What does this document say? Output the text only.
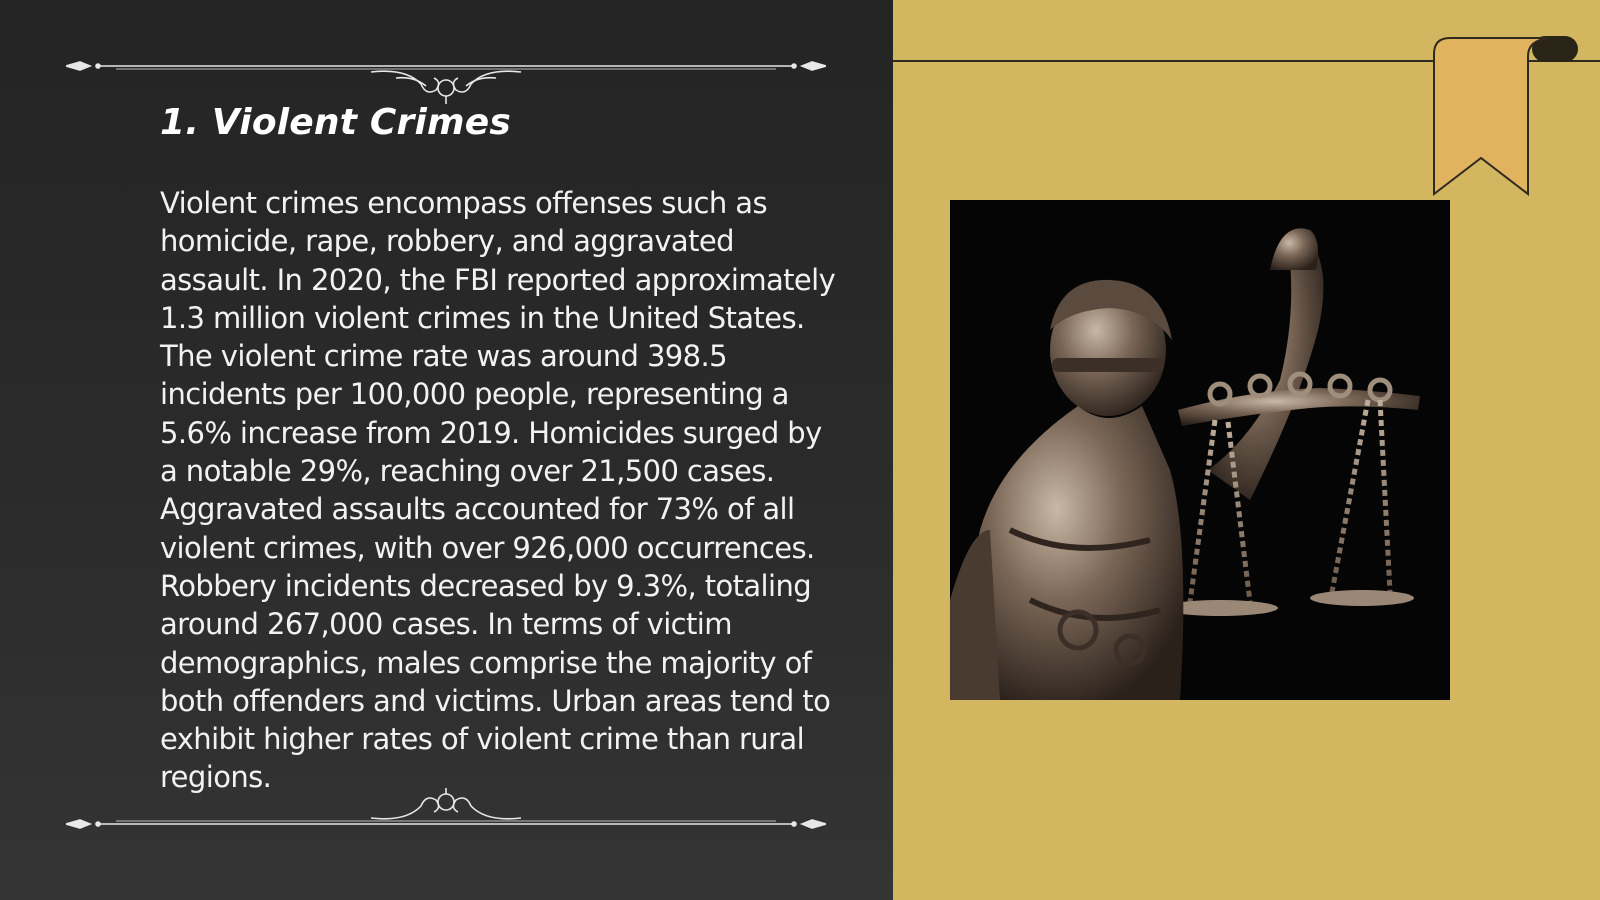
1. Violent Crimes

Violent crimes encompass offenses such as homicide, rape, robbery, and aggravated assault. In 2020, the FBI reported approximately 1.3 million violent crimes in the United States. The violent crime rate was around 398.5 incidents per 100,000 people, representing a 5.6% increase from 2019. Homicides surged by a notable 29%, reaching over 21,500 cases. Aggravated assaults accounted for 73% of all violent crimes, with over 926,000 occurrences. Robbery incidents decreased by 9.3%, totaling around 267,000 cases. In terms of victim demographics, males comprise the majority of both offenders and victims. Urban areas tend to exhibit higher rates of violent crime than rural regions.
